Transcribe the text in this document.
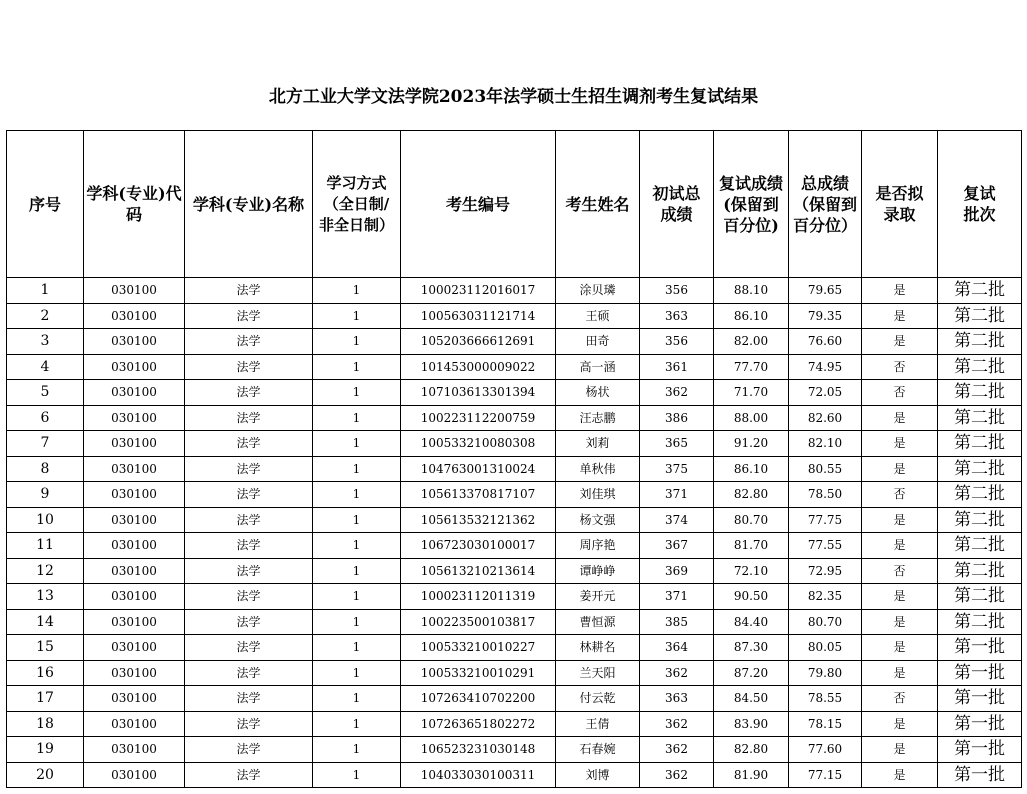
北方工业大学文法学院2023年法学硕士生招生调剂考生复试结果
序号	学科(专业)代码	学科(专业)名称	学习方式（全日制/非全日制）	考生编号	考生姓名	初试总成绩	复试成绩(保留到百分位)	总成绩（保留到百分位）	是否拟录取	复试批次
1	030100	法学	1	100023112016017	涂贝璘	356	88.10	79.65	是	第二批
2	030100	法学	1	100563031121714	王硕	363	86.10	79.35	是	第二批
3	030100	法学	1	105203666612691	田奇	356	82.00	76.60	是	第二批
4	030100	法学	1	101453000009022	高一涵	361	77.70	74.95	否	第二批
5	030100	法学	1	107103613301394	杨状	362	71.70	72.05	否	第二批
6	030100	法学	1	100223112200759	汪志鹏	386	88.00	82.60	是	第二批
7	030100	法学	1	100533210080308	刘莉	365	91.20	82.10	是	第二批
8	030100	法学	1	104763001310024	单秋伟	375	86.10	80.55	是	第二批
9	030100	法学	1	105613370817107	刘佳琪	371	82.80	78.50	否	第二批
10	030100	法学	1	105613532121362	杨文强	374	80.70	77.75	是	第二批
11	030100	法学	1	106723030100017	周序艳	367	81.70	77.55	是	第二批
12	030100	法学	1	105613210213614	谭峥峥	369	72.10	72.95	否	第二批
13	030100	法学	1	100023112011319	姜开元	371	90.50	82.35	是	第二批
14	030100	法学	1	100223500103817	曹恒源	385	84.40	80.70	是	第二批
15	030100	法学	1	100533210010227	林耕名	364	87.30	80.05	是	第一批
16	030100	法学	1	100533210010291	兰天阳	362	87.20	79.80	是	第一批
17	030100	法学	1	107263410702200	付云乾	363	84.50	78.55	否	第一批
18	030100	法学	1	107263651802272	王倩	362	83.90	78.15	是	第一批
19	030100	法学	1	106523231030148	石春婉	362	82.80	77.60	是	第一批
20	030100	法学	1	104033030100311	刘博	362	81.90	77.15	是	第一批
